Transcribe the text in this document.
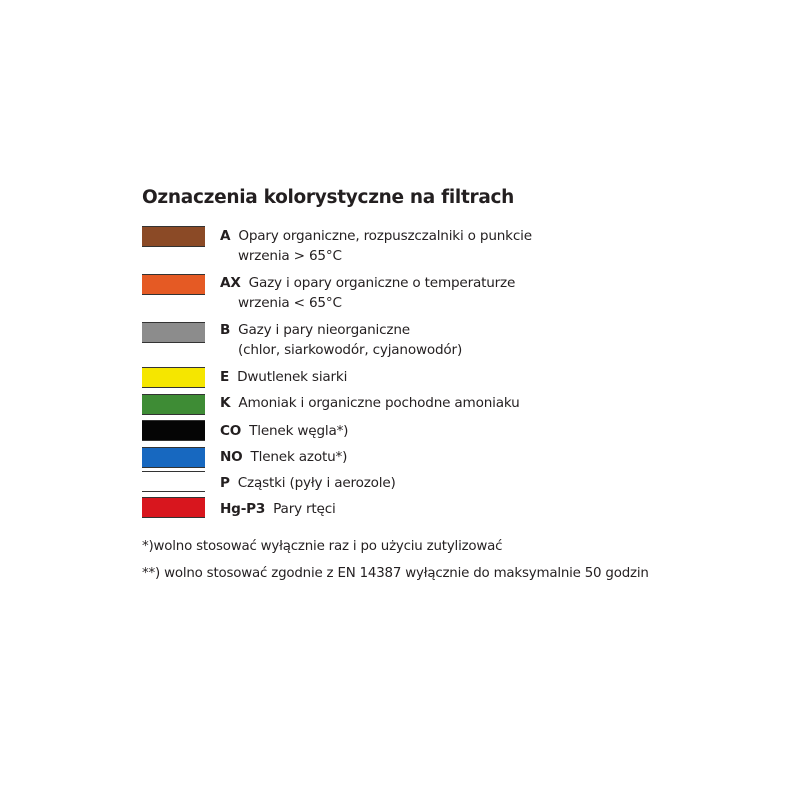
Oznaczenia kolorystyczne na filtrach
A Opary organiczne, rozpuszczalniki o punkcie
wrzenia > 65°C
AX Gazy i opary organiczne o temperaturze
wrzenia < 65°C
B Gazy i pary nieorganiczne
(chlor, siarkowodór, cyjanowodór)
E Dwutlenek siarki
K Amoniak i organiczne pochodne amoniaku
CO Tlenek węgla*)
NO Tlenek azotu*)
P Cząstki (pyły i aerozole)
Hg-P3 Pary rtęci
*)wolno stosować wyłącznie raz i po użyciu zutylizować
**) wolno stosować zgodnie z EN 14387 wyłącznie do maksymalnie 50 godzin
